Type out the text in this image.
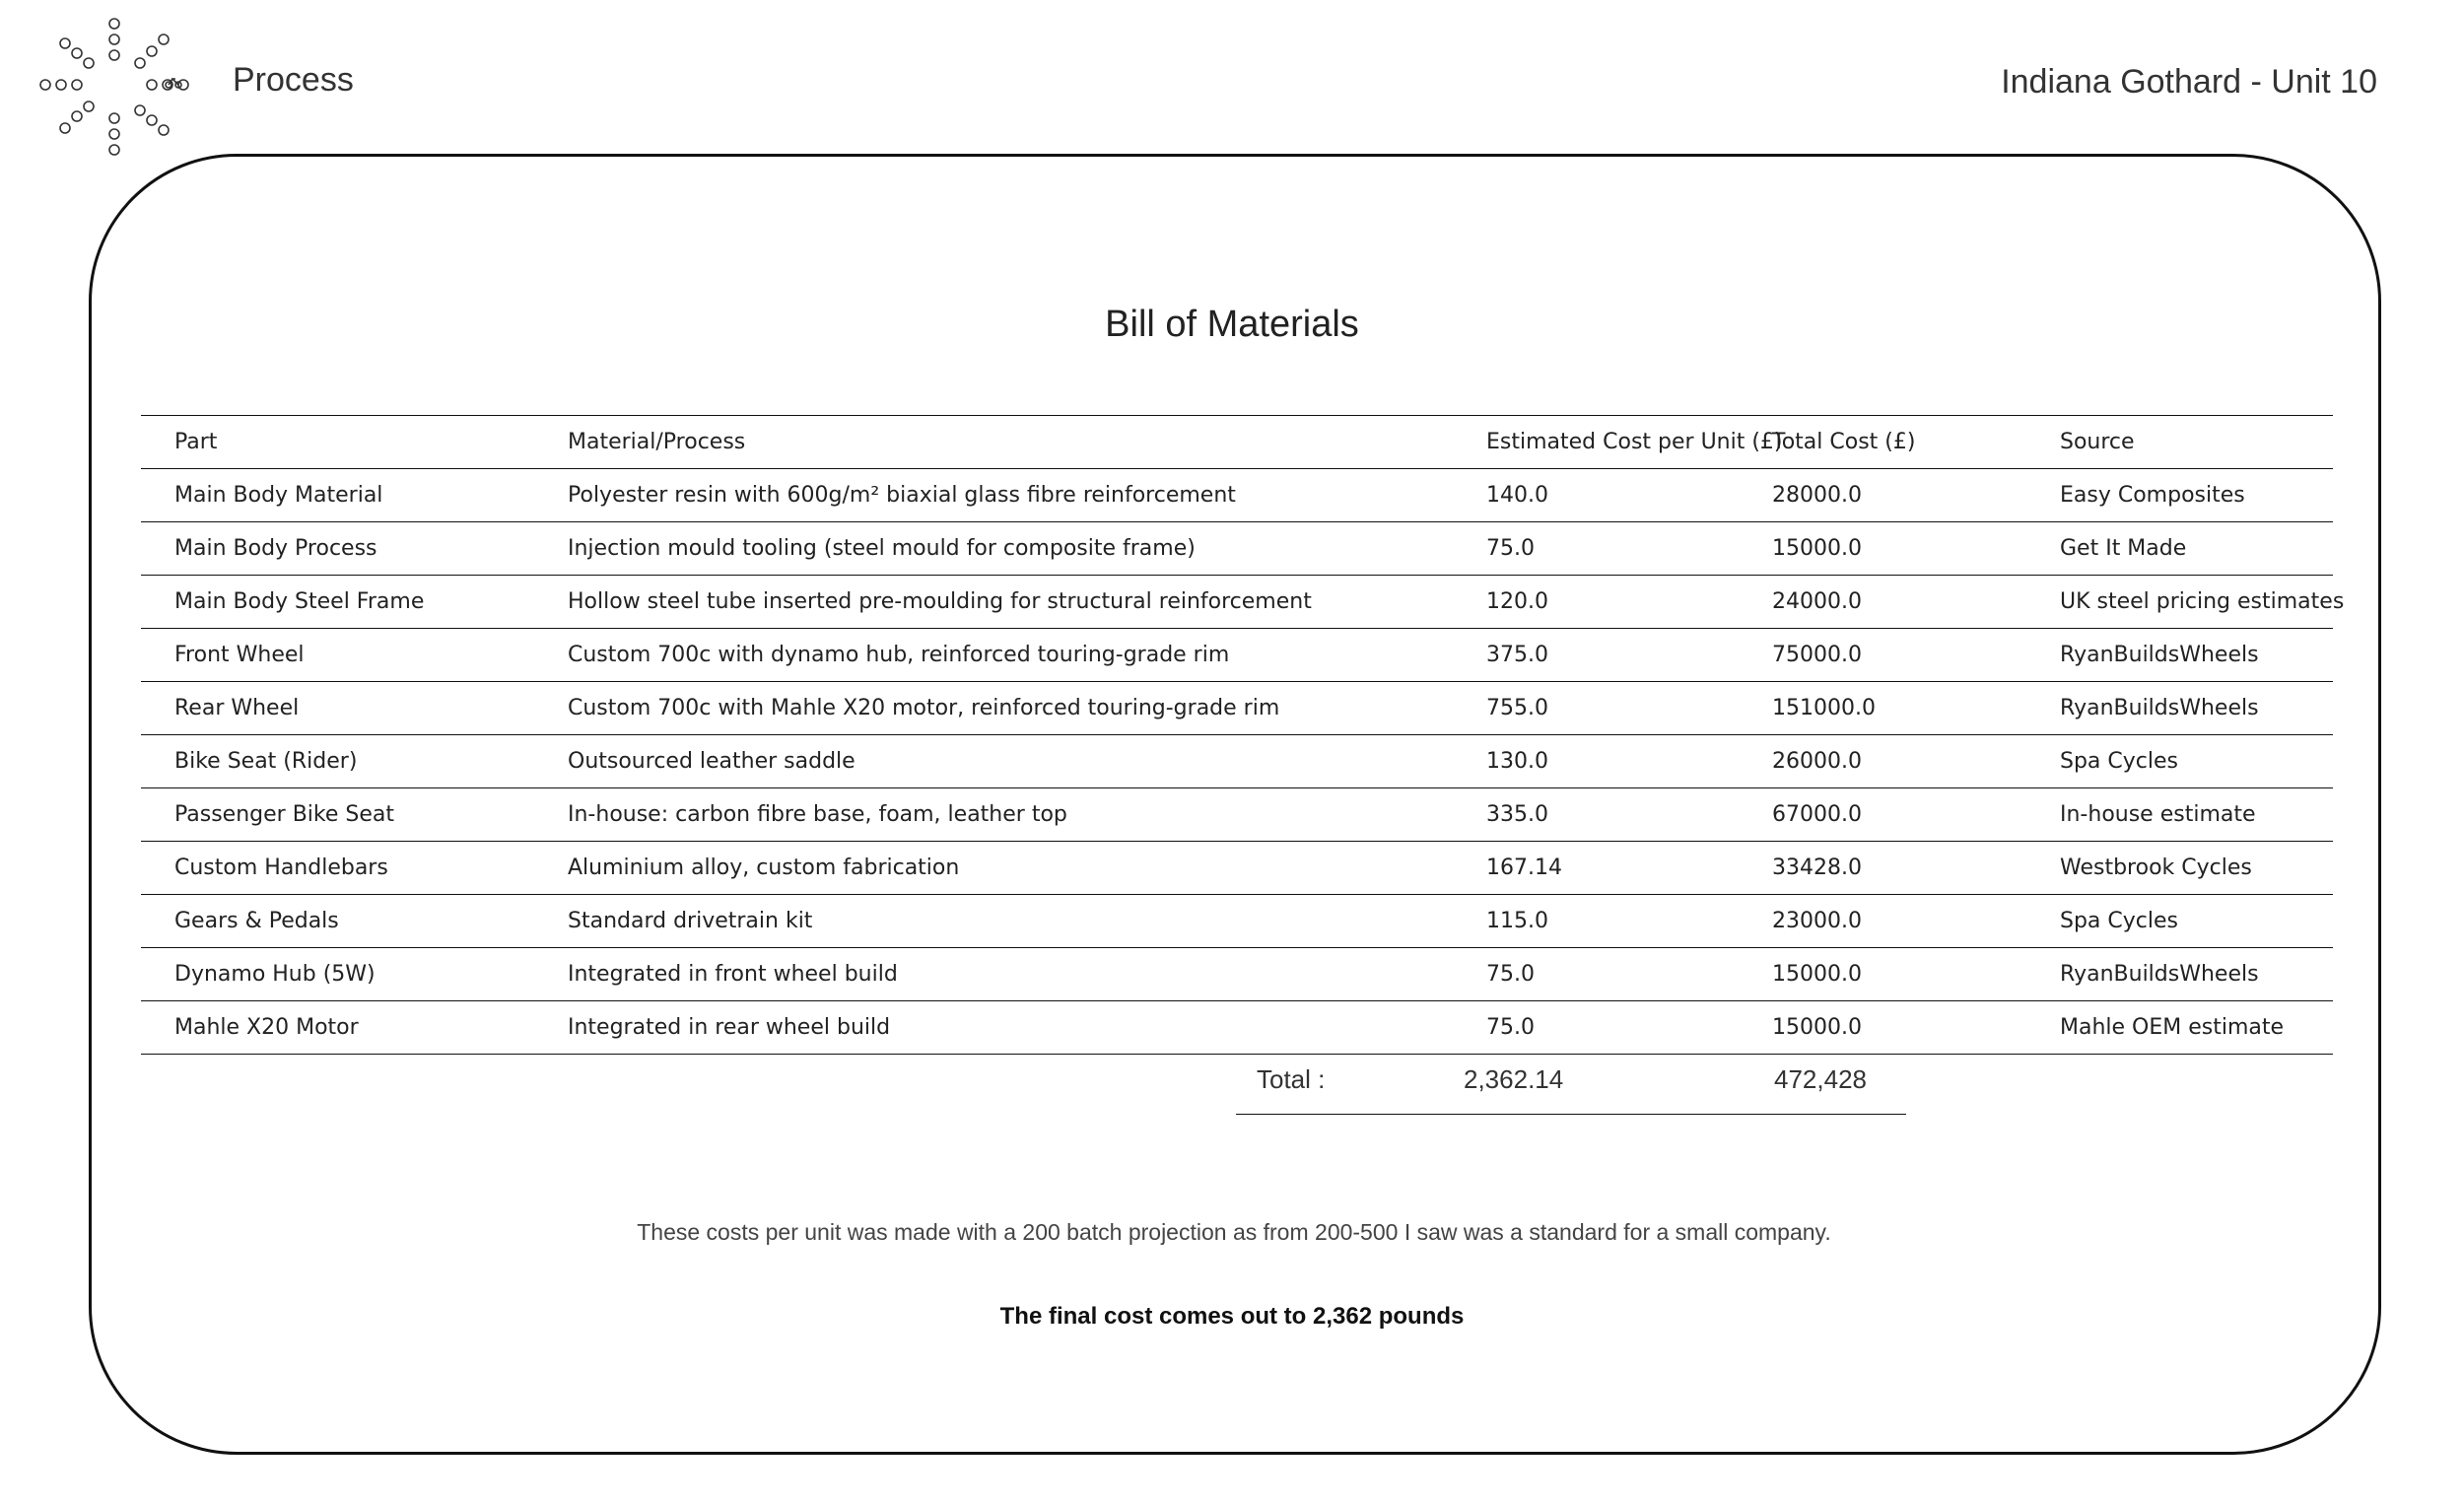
Process	Indiana Gothard - Unit 10
Bill of Materials
Part	Material/Process	Estimated Cost per Unit (£)	Total Cost (£)	Source
Main Body Material	Polyester resin with 600g/m² biaxial glass fibre reinforcement	140.0	28000.0	Easy Composites
Main Body Process	Injection mould tooling (steel mould for composite frame)	75.0	15000.0	Get It Made
Main Body Steel Frame	Hollow steel tube inserted pre-moulding for structural reinforcement	120.0	24000.0	UK steel pricing estimates
Front Wheel	Custom 700c with dynamo hub, reinforced touring-grade rim	375.0	75000.0	RyanBuildsWheels
Rear Wheel	Custom 700c with Mahle X20 motor, reinforced touring-grade rim	755.0	151000.0	RyanBuildsWheels
Bike Seat (Rider)	Outsourced leather saddle	130.0	26000.0	Spa Cycles
Passenger Bike Seat	In-house: carbon fibre base, foam, leather top	335.0	67000.0	In-house estimate
Custom Handlebars	Aluminium alloy, custom fabrication	167.14	33428.0	Westbrook Cycles
Gears & Pedals	Standard drivetrain kit	115.0	23000.0	Spa Cycles
Dynamo Hub (5W)	Integrated in front wheel build	75.0	15000.0	RyanBuildsWheels
Mahle X20 Motor	Integrated in rear wheel build	75.0	15000.0	Mahle OEM estimate
Total :	2,362.14	472,428
These costs per unit was made with a 200 batch projection as from 200-500 I saw was a standard for a small company.
The final cost comes out to 2,362 pounds
